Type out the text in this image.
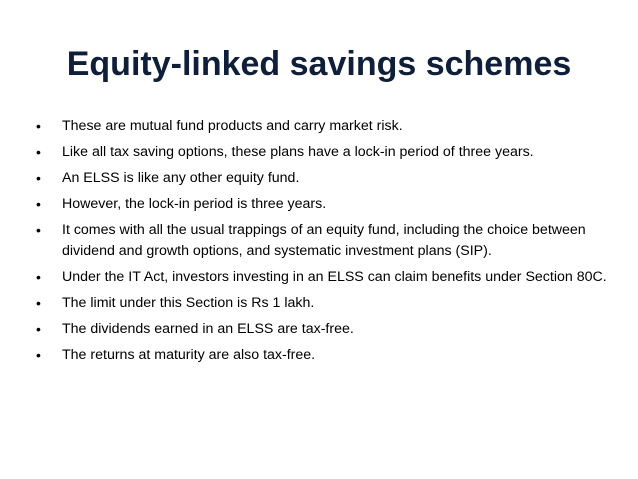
Equity-linked savings schemes
•	These are mutual fund products and carry market risk.
•	Like all tax saving options, these plans have a lock-in period of three years.
•	An ELSS is like any other equity fund.
•	However, the lock-in period is three years.
•	It comes with all the usual trappings of an equity fund, including the choice between dividend and growth options, and systematic investment plans (SIP).
•	Under the IT Act, investors investing in an ELSS can claim benefits under Section 80C.
•	The limit under this Section is Rs 1 lakh.
•	The dividends earned in an ELSS are tax-free.
•	The returns at maturity are also tax-free.
